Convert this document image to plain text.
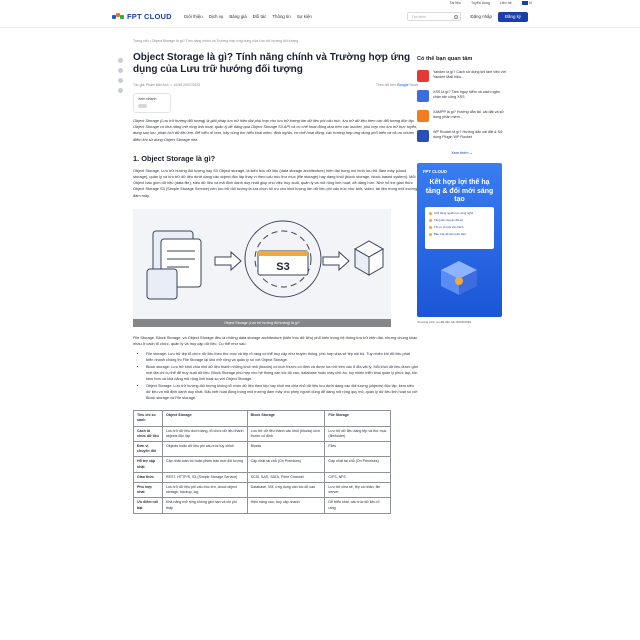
Tài liệu	Tuyển dụng	Liên hệ	VI
FPT CLOUD	Giới thiệu Dịch vụ Bảng giá Đối tác Thông tin Sự kiện	Tìm kiếm	Đăng nhập	Đăng ký
Trang chủ • Object Storage là gì? Tính năng chính và Trường hợp ứng dụng của Lưu trữ hướng đối tượng
Object Storage là gì? Tính năng chính và Trường hợp ứng dụng của Lưu trữ hướng đối tượng
Tác giả: Phạm Bảo Anh  •  16:58 20/07/2023	Theo dõi trên Google News
Xem nhanh

Object Storage (Lưu trữ hướng đối tượng) là giải pháp lưu trữ hiện đại phù hợp cho lưu trữ lượng lớn dữ liệu phi cấu trúc, lưu trữ dữ liệu theo các đối tượng độc lập. Object Storage có khả năng mở rộng linh hoạt, quản lý dễ dàng qua Object Storage S3 API và có chế hoạt động dựa trên các bucket, phù hợp cho lưu trữ trực tuyến, dung sao lưu, phân tích dữ liệu lớn. Để hiểu rõ hơn, hãy cùng tìm hiểu khái niệm, định nghĩa, cơ chế hoạt động, các trường hợp ứng dụng phổ biến và cả ưu nhược điểm khi sử dụng Object Storage nhé.

1. Object Storage là gì?

Object Storage, Lưu trữ hướng đối tượng hay S3 Object storage, là kiến trúc dữ liệu (data storage architecture) hiện đại trong mô hình lưu trữ đám mây (cloud storage), quản lý và lưu trữ dữ liệu dưới dạng các object độc lập thay vì theo cấu trúc thư mục (file storage) hay dạng khối (block storage, block-based system). Mỗi Object bao gồm dữ liệu (data file), siêu dữ liệu và mã định danh duy nhất giúp cho việc truy xuất, quản lý và mở rộng linh hoạt, dễ dàng hơn. Nhờ hỗ trợ giao thức Object Storage S3 (Simple Storage Service) nên lưu trữ đối tượng là lựa chọn tối ưu cho khối lượng lớn dữ liệu phi cấu trúc như ảnh, video, tài liệu trong môi trường đám mây.

S3
Object Storage (Lưu trữ hướng đối tượng) là gì?

File Storage, Block Storage, và Object Storage đều là những data storage architecture (kiến trúc dữ liệu) phổ biến trong hệ thống lưu trữ hiện đại, nhưng chúng khác nhau ở cách tổ chức, quản lý và truy cập dữ liệu. Cụ thể như sau:

• File storage: Lưu trữ tệp tổ chức dữ liệu theo thư mục và tệp rõ ràng có thể truy cập như truyền thống, phù hợp chia sẻ tệp nội bộ. Tuy nhiên khi dữ liệu phát triển nhanh chóng thì File Storage lại khó mở rộng và quản lý so với Object Storage.
• Block storage: Lưu trữ khối chia nhỏ dữ liệu thành những khối nhỏ (blocks) có kích thước cố định và được lưu trữ trên các ổ đĩa vật lý. Mỗi khối dữ liệu được gán một địa chỉ cụ thể để truy xuất dữ liệu. Block Storage phù hợp cho hệ thống cần tốc độ cao, database hoặc máy chủ ảo, tuy nhiên triển khai quản lý phức tạp, tốn kém hơn và khả năng mở rộng linh hoạt so với Object Storage.
• Object Storage: Lưu trữ hướng đối tượng không tổ chức dữ liệu theo tệp hay khối mà chia nhỏ dữ liệu lưu dưới dạng các đối tượng (objects) độc lập, kèm siêu dữ liệu và mã định danh duy nhất. Đặc biệt hoạt động trong môi trường đám mây cho phép người dùng dễ dàng mở rộng quy mô, quản lý dữ liệu linh hoạt so với Block storage và File storage.
Tiêu chí so sánh	Object Storage	Block Storage	File Storage
Cách tổ chức dữ liệu	Lưu trữ dữ liệu dưới dạng, tổ chức dữ liệu thành objects độc lập	Lưu trữ dữ liệu thành các khối (blocks) kích thước cố định.	Lưu trữ dữ liệu dạng tệp và thư mục (file/folder)
Đơn vị chuyển đổi	Objects hoặc dữ liệu phi cấu trúc tùy chỉnh	Blocks	Files
Hỗ trợ cập nhật	Cập nhật toàn bộ hoặc phiên bản mới đối tượng	Cập nhật tại chỗ (On Premises)	Cập nhật tại chỗ (On Premises)
Giao thức	REST, HTTP/S, S3 (Simple Storage Service)	SCSI, SAS, SATA, Fibre Channel	CIFS, NFS
Phù hợp nhất	Lưu trữ dữ liệu phi cấu trúc lớn, cloud object storage, backup, log	Database, VM, ứng dụng cần tốc độ cao	Lưu trữ chia sẻ, tệp cá nhân, file server
Ưu điểm nổi bật	Khả năng mở rộng không giới hạn và chi phí thấp	Hiệu năng cao, truy cập nhanh	Dễ triển khai, cấu trúc dữ liệu rõ ràng
Có thể bạn quan tâm
Yandex là gì? Cách sử dụng khi làm việc với Yandex Mail hiệu...
XSS là gì? Tầm nguy hiểm và cách ngăn chặn tấn công XSS
XAMPP là gì? Hướng dẫn tải, cài đặt và sử dụng phần mềm...
WP Rocket là gì? Hướng dẫn cài đặt & Sử dụng Plugin WP Rocket
Xem thêm ⌄
FPT CLOUD
Kết hợp lợi thế hạ tầng & đổi mới sáng tạo
Chủ động nguồn lực công nghệ
Tăng tốc chuyển đổi số
Tối ưu chi phí vận hành
Bảo mật dữ liệu toàn diện
Chương trình ưu đãi đến hết 30/06/2025
